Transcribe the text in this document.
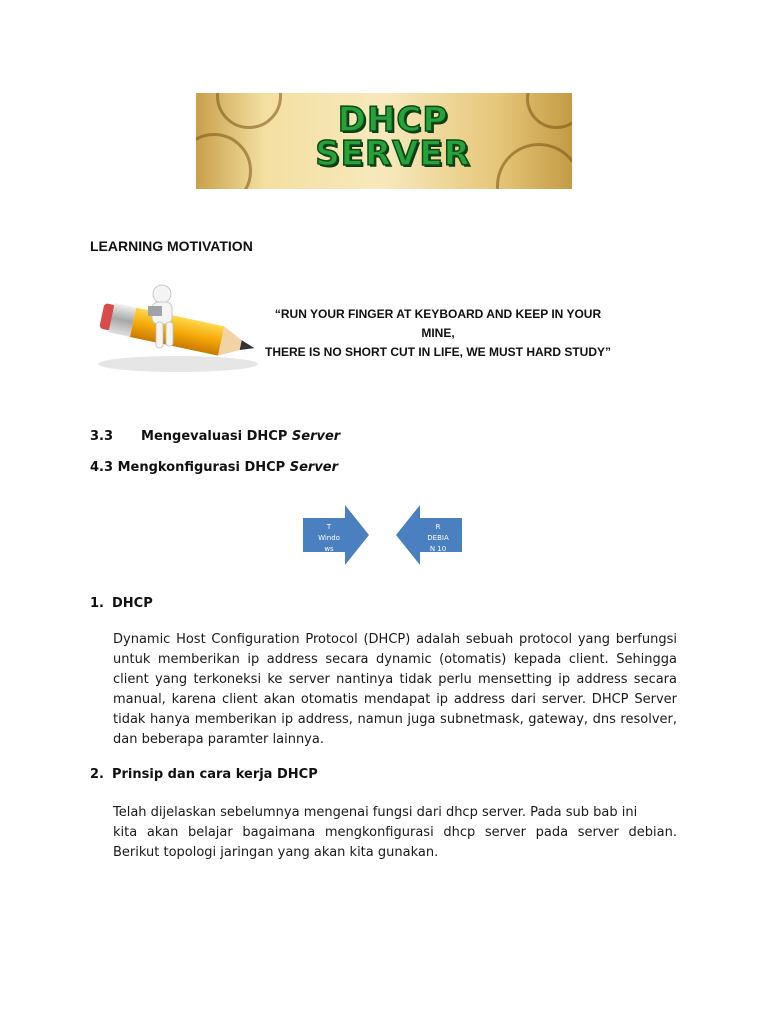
DHCP
SERVER
LEARNING MOTIVATION
“RUN YOUR FINGER AT KEYBOARD AND KEEP IN YOUR MINE,
THERE IS NO SHORT CUT IN LIFE, WE MUST HARD STUDY”
3.3 Mengevaluasi DHCP Server
4.3 Mengkonfigurasi DHCP Server
CLIEN
T
Windo
ws
SERVE
R
DEBIA
N 10
1. DHCP
Dynamic Host Configuration Protocol (DHCP) adalah sebuah protocol yang berfungsi untuk memberikan ip address secara dynamic (otomatis) kepada client. Sehingga client yang terkoneksi ke server nantinya tidak perlu mensetting ip address secara manual, karena client akan otomatis mendapat ip address dari server. DHCP Server tidak hanya memberikan ip address, namun juga subnetmask, gateway, dns resolver, dan beberapa paramter lainnya.
2. Prinsip dan cara kerja DHCP
Telah dijelaskan sebelumnya mengenai fungsi dari dhcp server. Pada sub bab ini
kita akan belajar bagaimana mengkonfigurasi dhcp server pada server debian. Berikut topologi jaringan yang akan kita gunakan.
